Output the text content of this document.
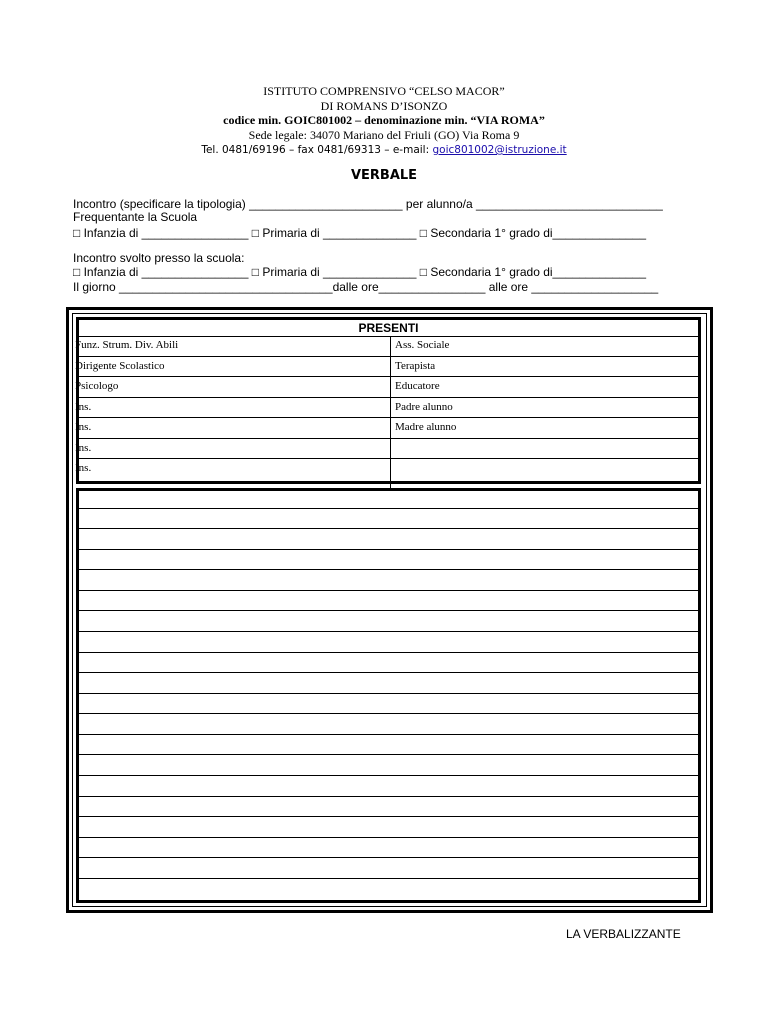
ISTITUTO COMPRENSIVO “CELSO MACOR”
DI ROMANS D’ISONZO
codice min. GOIC801002 – denominazione min. “VIA ROMA”
Sede legale: 34070 Mariano del Friuli (GO) Via Roma 9
Tel. 0481/69196 – fax 0481/69313 – e-mail: goic801002@istruzione.it
VERBALE
Incontro (specificare la tipologia) _______________________ per alunno/a ____________________________
Frequentante la Scuola
□ Infanzia di ________________ □ Primaria di ______________ □ Secondaria 1° grado di______________
Incontro svolto presso la scuola:
□ Infanzia di ________________ □ Primaria di ______________ □ Secondaria 1° grado di______________
Il giorno ________________________________dalle ore________________ alle ore ___________________
PRESENTI
Funz. Strum. Div. Abili	Ass. Sociale
Dirigente Scolastico	Terapista
Psicologo	Educatore
Ins.	Padre alunno
Ins.	Madre alunno
Ins.
Ins.
LA VERBALIZZANTE
